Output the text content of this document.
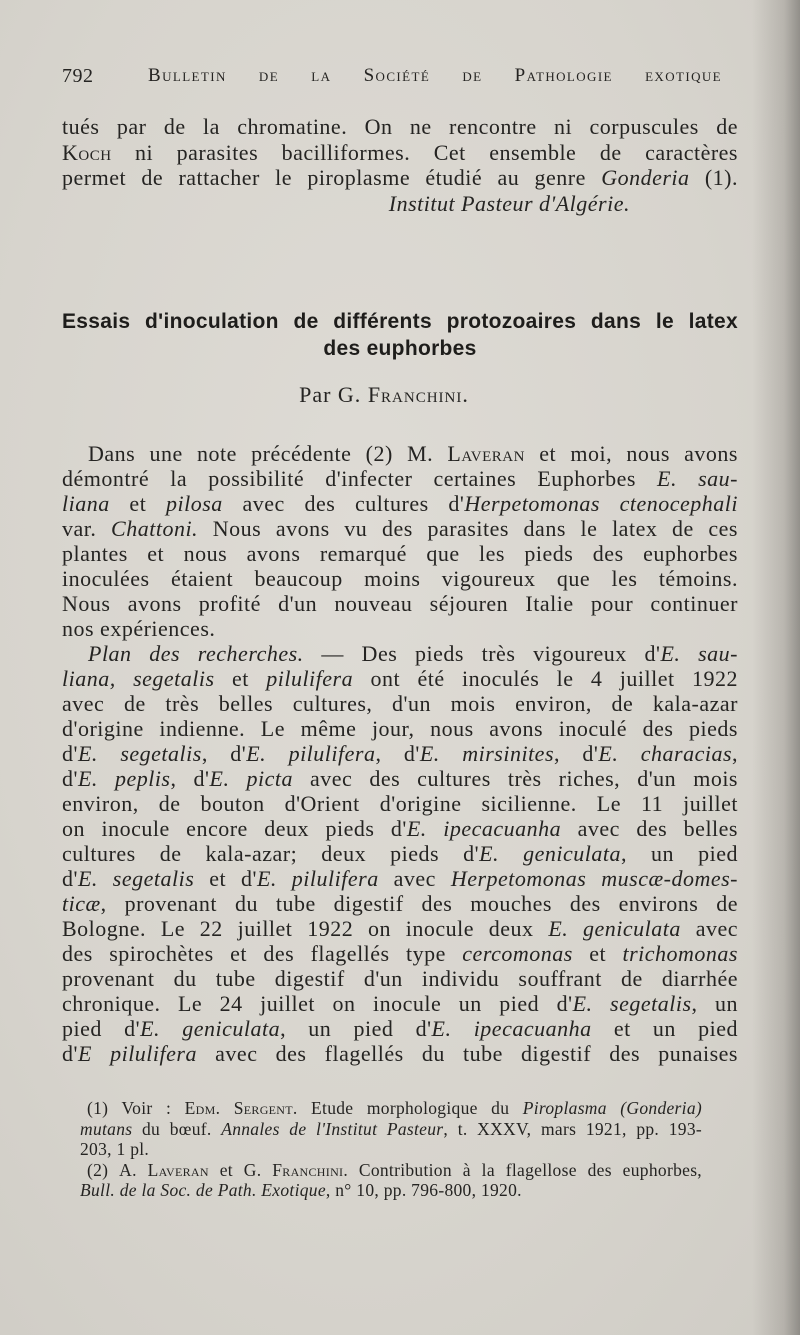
792	Bulletin de la Société de Pathologie exotique
tués par de la chromatine. On ne rencontre ni corpuscules de
Koch ni parasites bacilliformes. Cet ensemble de caractères
permet de rattacher le piroplasme étudié au genre Gonderia (1).
Institut Pasteur d'Algérie.
Essais d'inoculation de différents protozoaires dans le latex
des euphorbes
Par G. Franchini.
Dans une note précédente (2) M. Laveran et moi, nous avons
démontré la possibilité d'infecter certaines Euphorbes E. sau-
liana et pilosa avec des cultures d'Herpetomonas ctenocephali
var. Chattoni. Nous avons vu des parasites dans le latex de ces
plantes et nous avons remarqué que les pieds des euphorbes
inoculées étaient beaucoup moins vigoureux que les témoins.
Nous avons profité d'un nouveau séjouren Italie pour continuer
nos expériences.
Plan des recherches. — Des pieds très vigoureux d'E. sau-
liana, segetalis et pilulifera ont été inoculés le 4 juillet 1922
avec de très belles cultures, d'un mois environ, de kala-azar
d'origine indienne. Le même jour, nous avons inoculé des pieds
d'E. segetalis, d'E. pilulifera, d'E. mirsinites, d'E. characias,
d'E. peplis, d'E. picta avec des cultures très riches, d'un mois
environ, de bouton d'Orient d'origine sicilienne. Le 11 juillet
on inocule encore deux pieds d'E. ipecacuanha avec des belles
cultures de kala-azar; deux pieds d'E. geniculata, un pied
d'E. segetalis et d'E. pilulifera avec Herpetomonas muscæ-domes-
ticæ, provenant du tube digestif des mouches des environs de
Bologne. Le 22 juillet 1922 on inocule deux E. geniculata avec
des spirochètes et des flagellés type cercomonas et trichomonas
provenant du tube digestif d'un individu souffrant de diarrhée
chronique. Le 24 juillet on inocule un pied d'E. segetalis, un
pied d'E. geniculata, un pied d'E. ipecacuanha et un pied
d'E pilulifera avec des flagellés du tube digestif des punaises
(1) Voir : Edm. Sergent. Etude morphologique du Piroplasma (Gonderia)
mutans du bœuf. Annales de l'Institut Pasteur, t. XXXV, mars 1921, pp. 193-
203, 1 pl.
(2) A. Laveran et G. Franchini. Contribution à la flagellose des euphorbes,
Bull. de la Soc. de Path. Exotique, n° 10, pp. 796-800, 1920.
